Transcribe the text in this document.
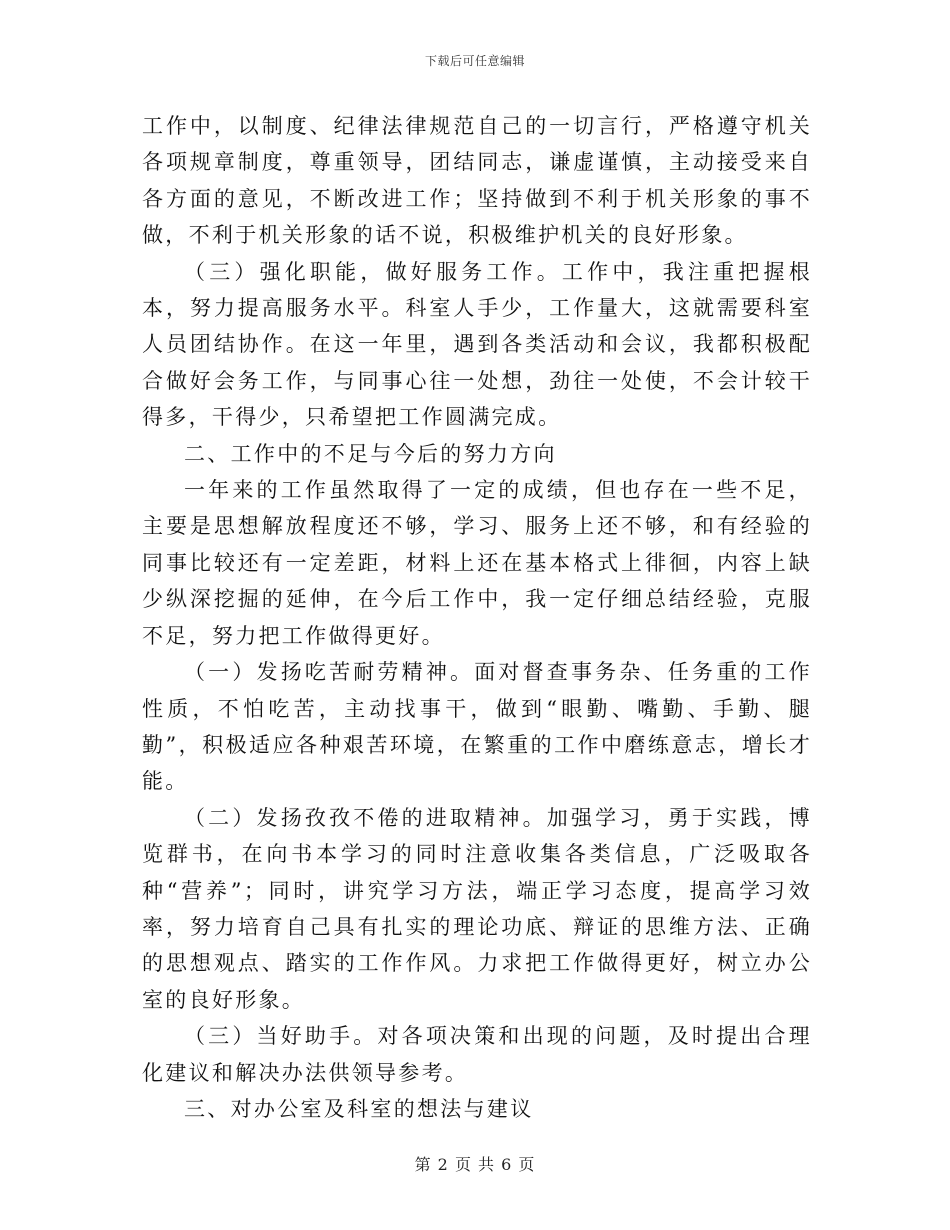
下载后可任意编辑

工作中，以制度、纪律法律规范自己的一切言行，严格遵守机关各项规章制度，尊重领导，团结同志，谦虚谨慎，主动接受来自各方面的意见，不断改进工作；坚持做到不利于机关形象的事不做，不利于机关形象的话不说，积极维护机关的良好形象。

（三）强化职能，做好服务工作。工作中，我注重把握根本，努力提高服务水平。科室人手少，工作量大，这就需要科室人员团结协作。在这一年里，遇到各类活动和会议，我都积极配合做好会务工作，与同事心往一处想，劲往一处使，不会计较干得多，干得少，只希望把工作圆满完成。

二、工作中的不足与今后的努力方向

一年来的工作虽然取得了一定的成绩，但也存在一些不足，主要是思想解放程度还不够，学习、服务上还不够，和有经验的同事比较还有一定差距，材料上还在基本格式上徘徊，内容上缺少纵深挖掘的延伸，在今后工作中，我一定仔细总结经验，克服不足，努力把工作做得更好。

（一）发扬吃苦耐劳精神。面对督查事务杂、任务重的工作性质，不怕吃苦，主动找事干，做到“眼勤、嘴勤、手勤、腿勤”，积极适应各种艰苦环境，在繁重的工作中磨练意志，增长才能。

（二）发扬孜孜不倦的进取精神。加强学习，勇于实践，博览群书，在向书本学习的同时注意收集各类信息，广泛吸取各种“营养”；同时，讲究学习方法，端正学习态度，提高学习效率，努力培育自己具有扎实的理论功底、辩证的思维方法、正确的思想观点、踏实的工作作风。力求把工作做得更好，树立办公室的良好形象。

（三）当好助手。对各项决策和出现的问题，及时提出合理化建议和解决办法供领导参考。

三、对办公室及科室的想法与建议

第 2 页 共 6 页
